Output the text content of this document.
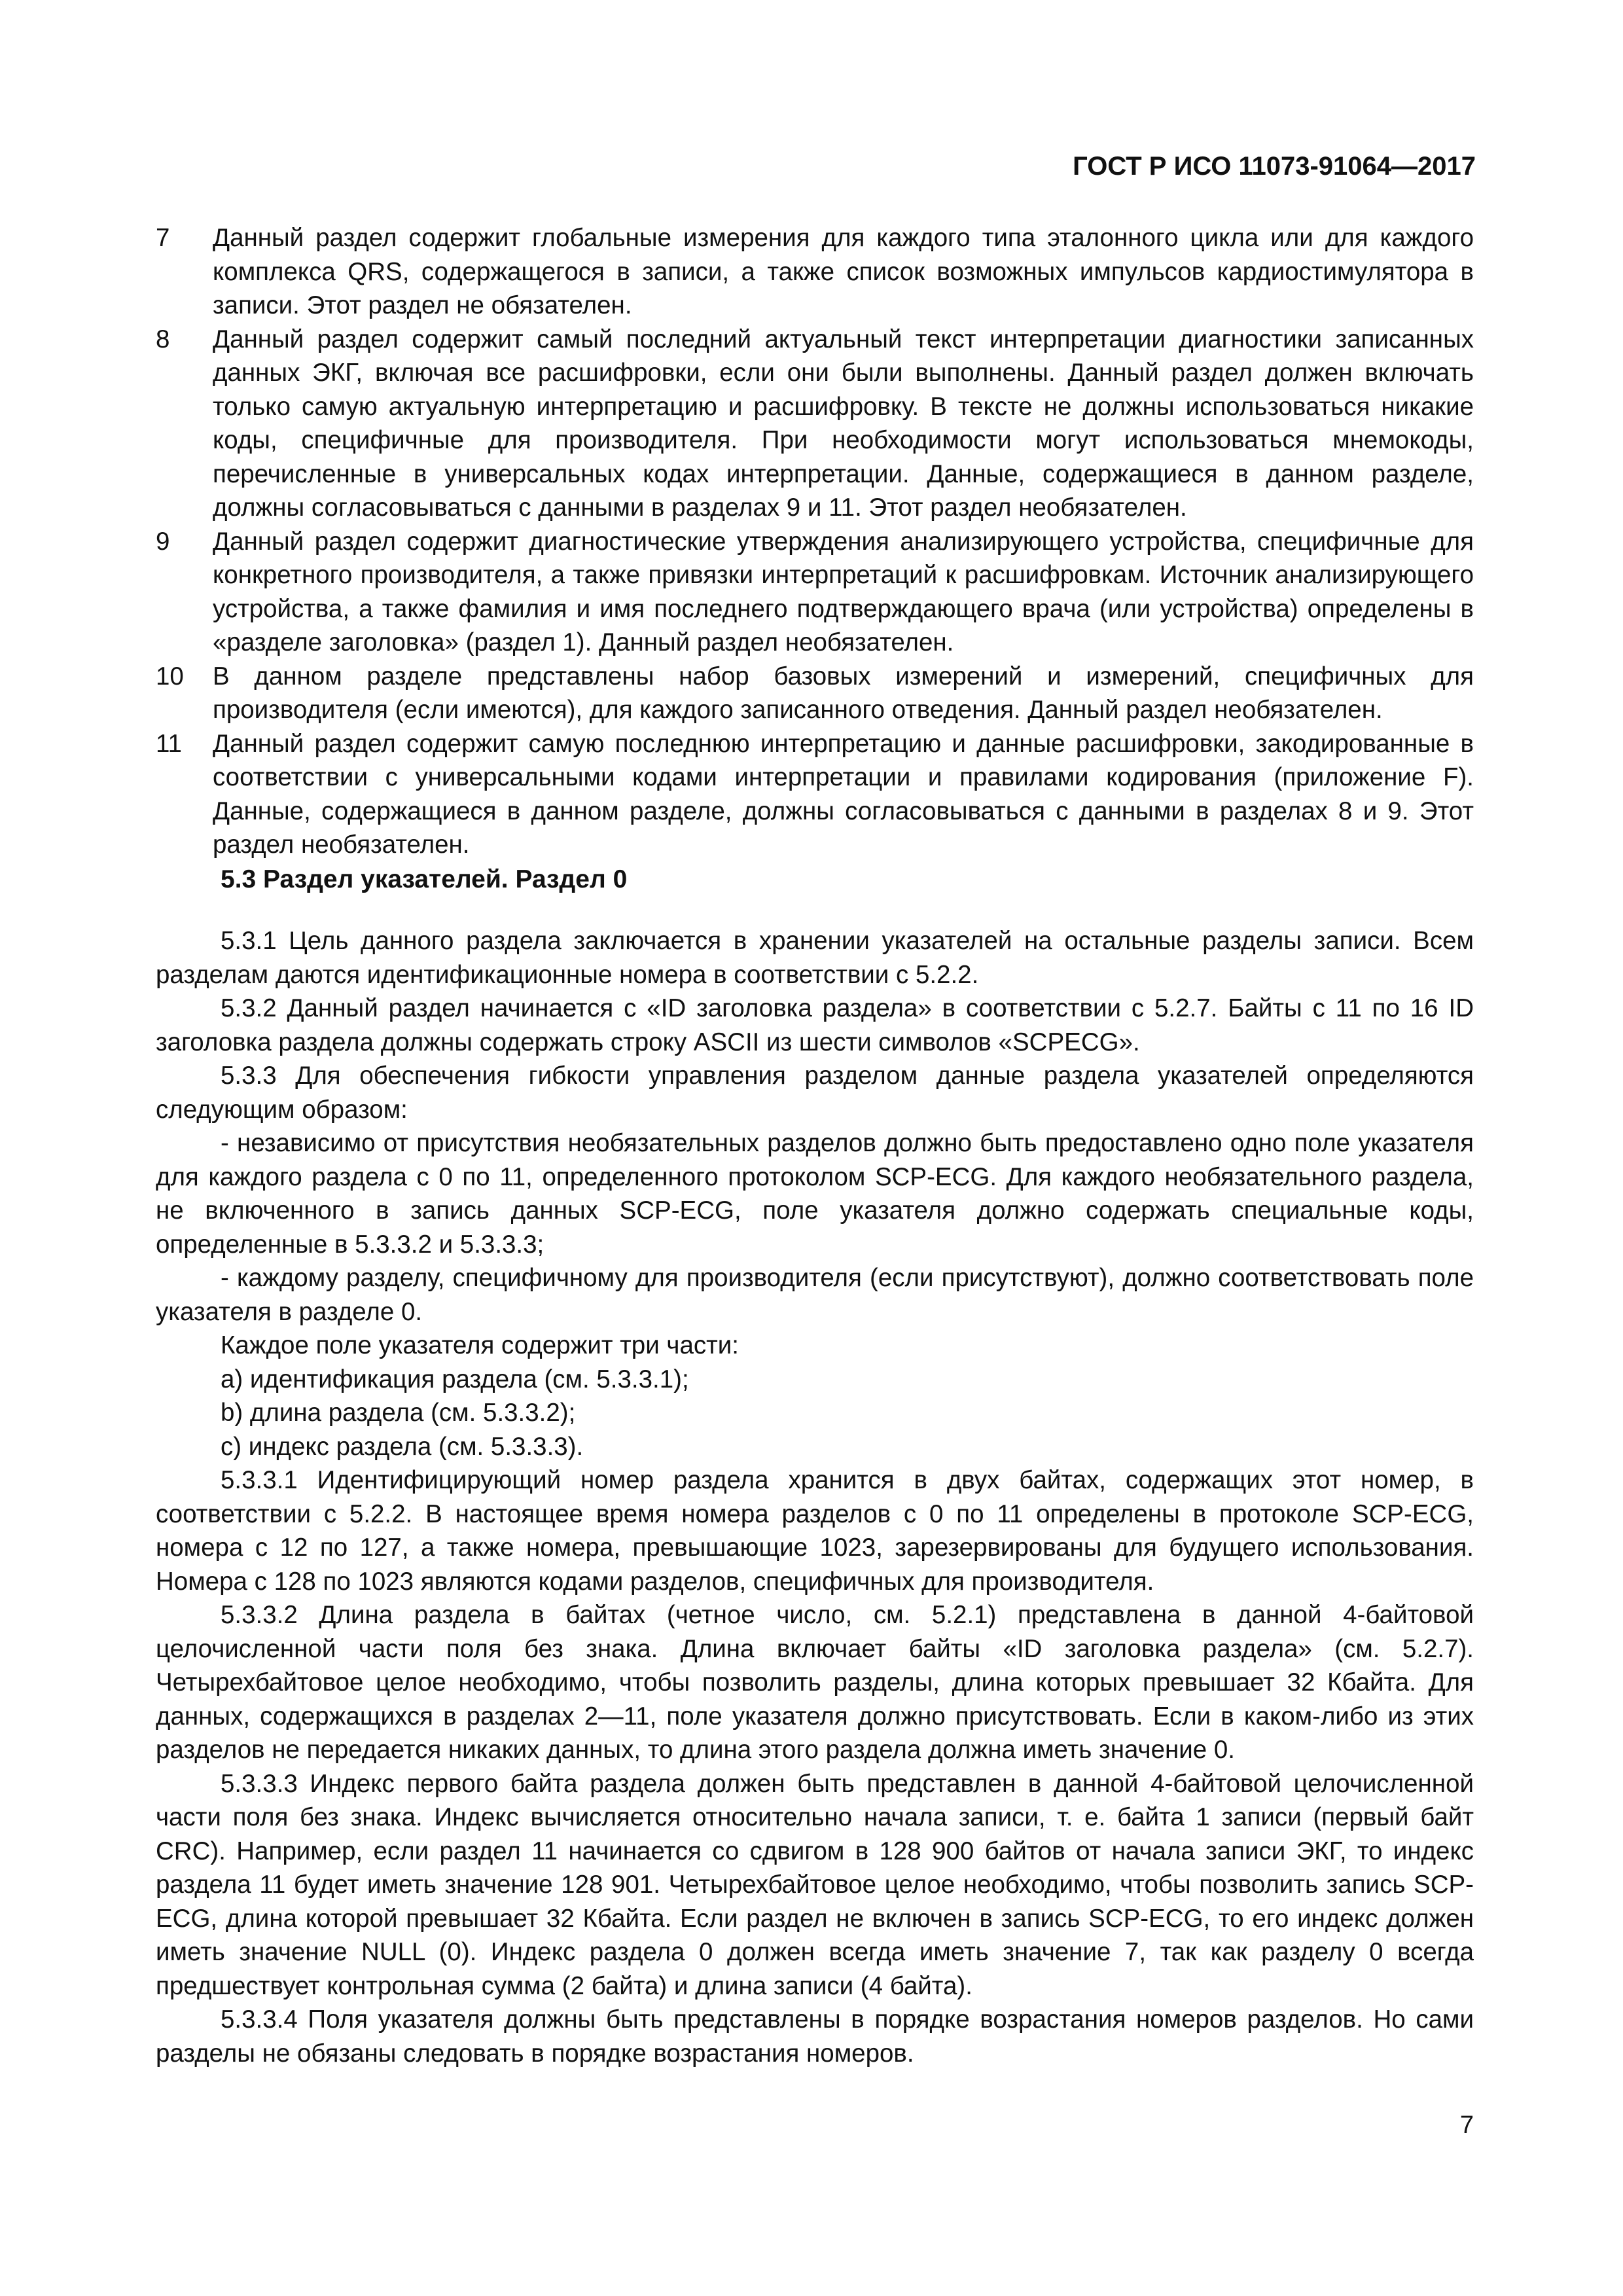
ГОСТ Р ИСО 11073-91064—2017
7 Данный раздел содержит глобальные измерения для каждого типа эталонного цикла или для каждого комплекса QRS, содержащегося в записи, а также список возможных импульсов кардиостимулятора в записи. Этот раздел не обязателен.
8 Данный раздел содержит самый последний актуальный текст интерпретации диагностики записанных данных ЭКГ, включая все расшифровки, если они были выполнены. Данный раздел должен включать только самую актуальную интерпретацию и расшифровку. В тексте не должны использоваться никакие коды, специфичные для производителя. При необходимости могут использоваться мнемокоды, перечисленные в универсальных кодах интерпретации. Данные, содержащиеся в данном разделе, должны согласовываться с данными в разделах 9 и 11. Этот раздел необязателен.
9 Данный раздел содержит диагностические утверждения анализирующего устройства, специфичные для конкретного производителя, а также привязки интерпретаций к расшифровкам. Источник анализирующего устройства, а также фамилия и имя последнего подтверждающего врача (или устройства) определены в «разделе заголовка» (раздел 1). Данный раздел необязателен.
10 В данном разделе представлены набор базовых измерений и измерений, специфичных для производителя (если имеются), для каждого записанного отведения. Данный раздел необязателен.
11 Данный раздел содержит самую последнюю интерпретацию и данные расшифровки, закодированные в соответствии с универсальными кодами интерпретации и правилами кодирования (приложение F). Данные, содержащиеся в данном разделе, должны согласовываться с данными в разделах 8 и 9. Этот раздел необязателен.
5.3 Раздел указателей. Раздел 0

5.3.1 Цель данного раздела заключается в хранении указателей на остальные разделы записи. Всем разделам даются идентификационные номера в соответствии с 5.2.2.

5.3.2 Данный раздел начинается с «ID заголовка раздела» в соответствии с 5.2.7. Байты с 11 по 16 ID заголовка раздела должны содержать строку ASCII из шести символов «SCPECG».

5.3.3 Для обеспечения гибкости управления разделом данные раздела указателей определяются следующим образом:

- независимо от присутствия необязательных разделов должно быть предоставлено одно поле указателя для каждого раздела с 0 по 11, определенного протоколом SCP-ECG. Для каждого необязательного раздела, не включенного в запись данных SCP-ECG, поле указателя должно содержать специальные коды, определенные в 5.3.3.2 и 5.3.3.3;

- каждому разделу, специфичному для производителя (если присутствуют), должно соответствовать поле указателя в разделе 0.

Каждое поле указателя содержит три части:

a) идентификация раздела (см. 5.3.3.1);

b) длина раздела (см. 5.3.3.2);

c) индекс раздела (см. 5.3.3.3).

5.3.3.1 Идентифицирующий номер раздела хранится в двух байтах, содержащих этот номер, в соответствии с 5.2.2. В настоящее время номера разделов с 0 по 11 определены в протоколе SCP-ECG, номера с 12 по 127, а также номера, превышающие 1023, зарезервированы для будущего использования. Номера с 128 по 1023 являются кодами разделов, специфичных для производителя.

5.3.3.2 Длина раздела в байтах (четное число, см. 5.2.1) представлена в данной 4-байтовой целочисленной части поля без знака. Длина включает байты «ID заголовка раздела» (см. 5.2.7). Четырехбайтовое целое необходимо, чтобы позволить разделы, длина которых превышает 32 Кбайта. Для данных, содержащихся в разделах 2—11, поле указателя должно присутствовать. Если в каком-либо из этих разделов не передается никаких данных, то длина этого раздела должна иметь значение 0.

5.3.3.3 Индекс первого байта раздела должен быть представлен в данной 4-байтовой целочисленной части поля без знака. Индекс вычисляется относительно начала записи, т. е. байта 1 записи (первый байт CRC). Например, если раздел 11 начинается со сдвигом в 128 900 байтов от начала записи ЭКГ, то индекс раздела 11 будет иметь значение 128 901. Четырехбайтовое целое необходимо, чтобы позволить запись SCP-ECG, длина которой превышает 32 Кбайта. Если раздел не включен в запись SCP-ECG, то его индекс должен иметь значение NULL (0). Индекс раздела 0 должен всегда иметь значение 7, так как разделу 0 всегда предшествует контрольная сумма (2 байта) и длина записи (4 байта).

5.3.3.4 Поля указателя должны быть представлены в порядке возрастания номеров разделов. Но сами разделы не обязаны следовать в порядке возрастания номеров.

7
